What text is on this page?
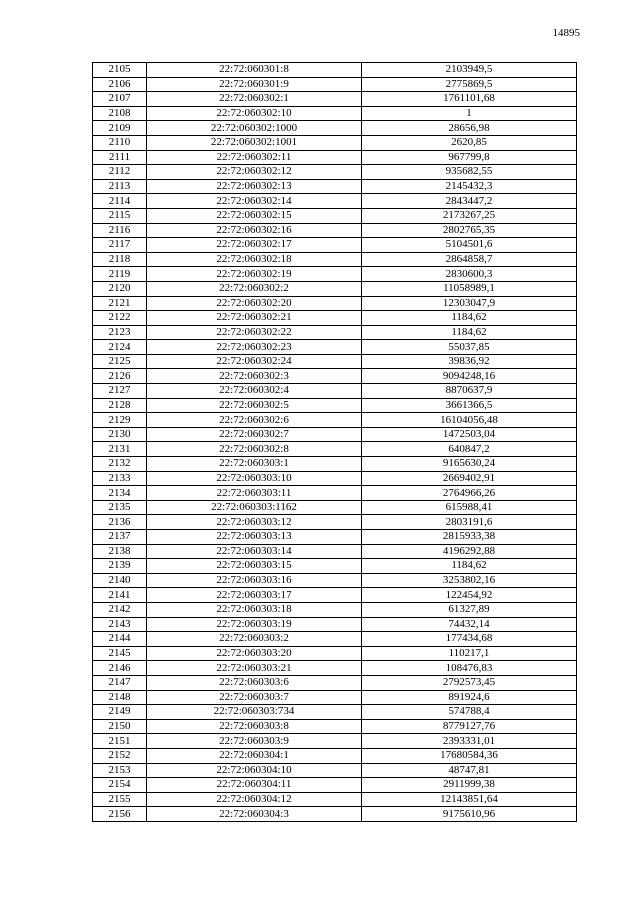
14895
2105	22:72:060301:8	2103949,5
2106	22:72:060301:9	2775869,5
2107	22:72:060302:1	1761101,68
2108	22:72:060302:10	1
2109	22:72:060302:1000	28656,98
2110	22:72:060302:1001	2620,85
2111	22:72:060302:11	967799,8
2112	22:72:060302:12	935682,55
2113	22:72:060302:13	2145432,3
2114	22:72:060302:14	2843447,2
2115	22:72:060302:15	2173267,25
2116	22:72:060302:16	2802765,35
2117	22:72:060302:17	5104501,6
2118	22:72:060302:18	2864858,7
2119	22:72:060302:19	2830600,3
2120	22:72:060302:2	11058989,1
2121	22:72:060302:20	12303047,9
2122	22:72:060302:21	1184,62
2123	22:72:060302:22	1184,62
2124	22:72:060302:23	55037,85
2125	22:72:060302:24	39836,92
2126	22:72:060302:3	9094248,16
2127	22:72:060302:4	8870637,9
2128	22:72:060302:5	3661366,5
2129	22:72:060302:6	16104056,48
2130	22:72:060302:7	1472503,04
2131	22:72:060302:8	640847,2
2132	22:72:060303:1	9165630,24
2133	22:72:060303:10	2669402,91
2134	22:72:060303:11	2764966,26
2135	22:72:060303:1162	615988,41
2136	22:72:060303:12	2803191,6
2137	22:72:060303:13	2815933,38
2138	22:72:060303:14	4196292,88
2139	22:72:060303:15	1184,62
2140	22:72:060303:16	3253802,16
2141	22:72:060303:17	122454,92
2142	22:72:060303:18	61327,89
2143	22:72:060303:19	74432,14
2144	22:72:060303:2	177434,68
2145	22:72:060303:20	110217,1
2146	22:72:060303:21	108476,83
2147	22:72:060303:6	2792573,45
2148	22:72:060303:7	891924,6
2149	22:72:060303:734	574788,4
2150	22:72:060303:8	8779127,76
2151	22:72:060303:9	2393331,01
2152	22:72:060304:1	17680584,36
2153	22:72:060304:10	48747,81
2154	22:72:060304:11	2911999,38
2155	22:72:060304:12	12143851,64
2156	22:72:060304:3	9175610,96
